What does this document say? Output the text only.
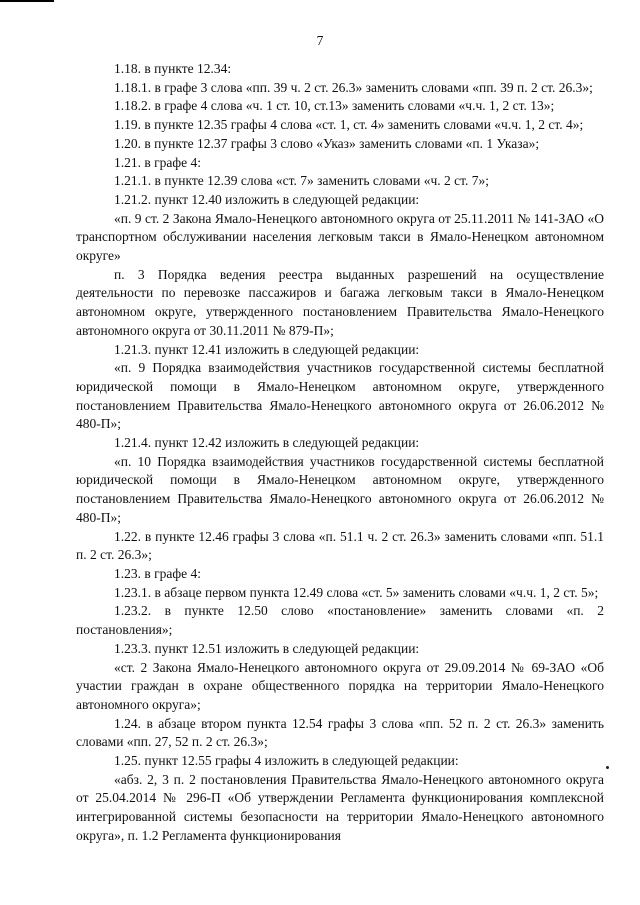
7

1.18. в пункте 12.34:

1.18.1. в графе 3 слова «пп. 39 ч. 2 ст. 26.3» заменить словами «пп. 39 п. 2 ст. 26.3»;

1.18.2. в графе 4 слова «ч. 1 ст. 10, ст.13» заменить словами «ч.ч. 1, 2 ст. 13»;

1.19. в пункте 12.35 графы 4 слова «ст. 1, ст. 4» заменить словами «ч.ч. 1, 2 ст. 4»;

1.20. в пункте 12.37 графы 3 слово «Указ» заменить словами «п. 1 Указа»;

1.21. в графе 4:

1.21.1. в пункте 12.39 слова «ст. 7» заменить словами «ч. 2 ст. 7»;

1.21.2. пункт 12.40 изложить в следующей редакции:

«п. 9 ст. 2 Закона Ямало-Ненецкого автономного округа от 25.11.2011 № 141-ЗАО «О транспортном обслуживании населения легковым такси в Ямало-Ненецком автономном округе»

п. 3 Порядка ведения реестра выданных разрешений на осуществление деятельности по перевозке пассажиров и багажа легковым такси в Ямало-Ненецком автономном округе, утвержденного постановлением Правительства Ямало-Ненецкого автономного округа от 30.11.2011 № 879-П»;

1.21.3. пункт 12.41 изложить в следующей редакции:

«п. 9 Порядка взаимодействия участников государственной системы бесплатной юридической помощи в Ямало-Ненецком автономном округе, утвержденного постановлением Правительства Ямало-Ненецкого автономного округа от 26.06.2012 № 480-П»;

1.21.4. пункт 12.42 изложить в следующей редакции:

«п. 10 Порядка взаимодействия участников государственной системы бесплатной юридической помощи в Ямало-Ненецком автономном округе, утвержденного постановлением Правительства Ямало-Ненецкого автономного округа от 26.06.2012 № 480-П»;

1.22. в пункте 12.46 графы 3 слова «п. 51.1 ч. 2 ст. 26.3» заменить словами «пп. 51.1 п. 2 ст. 26.3»;

1.23. в графе 4:

1.23.1. в абзаце первом пункта 12.49 слова «ст. 5» заменить словами «ч.ч. 1, 2 ст. 5»;

1.23.2. в пункте 12.50 слово «постановление» заменить словами «п. 2 постановления»;

1.23.3. пункт 12.51 изложить в следующей редакции:

«ст. 2 Закона Ямало-Ненецкого автономного округа от 29.09.2014 № 69-ЗАО «Об участии граждан в охране общественного порядка на территории Ямало-Ненецкого автономного округа»;

1.24. в абзаце втором пункта 12.54 графы 3 слова «пп. 52 п. 2 ст. 26.3» заменить словами «пп. 27, 52 п. 2 ст. 26.3»;

1.25. пункт 12.55 графы 4 изложить в следующей редакции:

«абз. 2, 3 п. 2 постановления Правительства Ямало-Ненецкого автономного округа от 25.04.2014 № 296-П «Об утверждении Регламента функционирования комплексной интегрированной системы безопасности на территории Ямало-Ненецкого автономного округа», п. 1.2 Регламента функционирования
